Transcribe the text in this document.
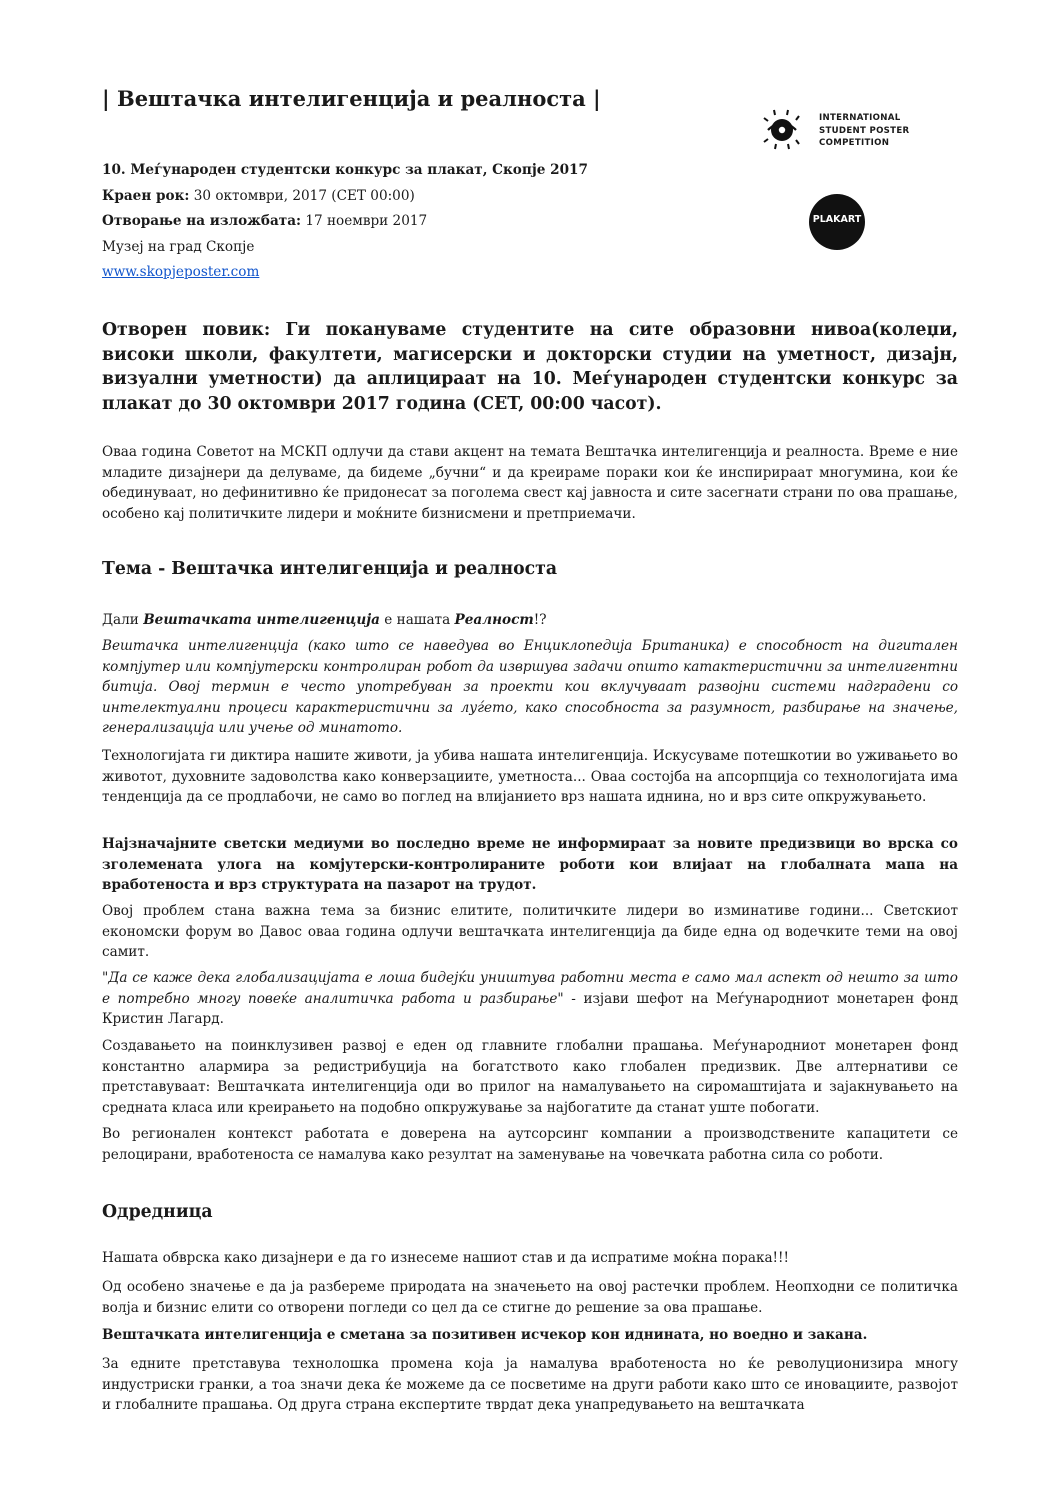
| Вештачка интелигенција и реалноста |
INTERNATIONAL
STUDENT POSTER
COMPETITION
PLAKART
10. Меѓународен студентски конкурс за плакат, Скопје 2017
Краен рок: 30 октомври, 2017 (CET 00:00)
Отворање на изложбата: 17 ноември 2017
Музеј на град Скопје
www.skopjeposter.com

Отворен повик: Ги покануваме студентите на сите образовни нивоа(колеџи, високи школи, факултети, магисерски и докторски студии на уметност, дизајн, визуални уметности) да аплицираат на 10. Меѓународен студентски конкурс за плакат до 30 октомври 2017 година (CET, 00:00 часот).

Оваа година Советот на МСКП одлучи да стави акцент на темата Вештачка интелигенција и реалноста. Време е ние младите дизајнери да делуваме, да бидеме „бучни“ и да креираме пораки кои ќе инспирираат многумина, кои ќе обединуваат, но дефинитивно ќе придонесат за поголема свест кај јавноста и сите засегнати страни по ова прашање, особено кај политичките лидери и моќните бизнисмени и претприемачи.

Тема - Вештачка интелигенција и реалноста

Дали Вештачката интелигенција е нашата Реалност!?

Вештачка интелигенција (како што се наведува во Енциклопедија Британика) е способност на дигитален компјутер или компјутерски контролиран робот да извршува задачи општо катактеристични за интелигентни битија. Овој термин е често употребуван за проекти кои вклучуваат развојни системи надградени со интелектуални процеси карактеристични за луѓето, како способноста за разумност, разбирање на значење, генерализација или учење од минатото.

Технологијата ги диктира нашите животи, ја убива нашата интелигенција. Искусуваме потешкотии во уживањето во животот, духовните задоволства како конверзациите, уметноста... Оваа состојба на апсорпција со технологијата има тенденција да се продлабочи, не само во поглед на влијанието врз нашата иднина, но и врз сите опкружувањето.

Најзначајните светски медиуми во последно време не информираат за новите предизвици во врска со зголемената улога на комјутерски-контролираните роботи кои влијаат на глобалната мапа на вработеноста и врз структурата на пазарот на трудот.

Овој проблем стана важна тема за бизнис елитите, политичките лидери во изминативе години... Светскиот економски форум во Давос оваа година одлучи вештачката интелигенција да биде една од водечките теми на овој самит.

"Да се каже дека глобализацијата е лоша бидејќи уништува работни места е само мал аспект од нешто за што е потребно многу повеќе аналитичка работа и разбирање" - изјави шефот на Меѓународниот монетарен фонд Кристин Лагард.

Создавањето на поинклузивен развој е еден од главните глобални прашања. Меѓународниот монетарен фонд константно алармира за редистрибуција на богатството како глобален предизвик. Две алтернативи се претставуваат: Вештачката интелигенција оди во прилог на намалувањето на сиромаштијата и зајакнувањето на средната класа или креирањето на подобно опкружување за најбогатите да станат уште побогати.

Во регионален контекст работата е доверена на аутсорсинг компании а производствените капацитети се релоцирани, вработеноста се намалува како резултат на заменување на човечката работна сила со роботи.

Одредница

Нашата обврска како дизајнери е да го изнесеме нашиот став и да испратиме моќна порака!!!

Од особено значење е да ја разбереме природата на значењето на овој растечки проблем. Неопходни се политичка волја и бизнис елити со отворени погледи со цел да се стигне до решение за ова прашање.

Вештачката интелигенција е сметана за позитивен исчекор кон иднината, но воедно и закана.

За едните претставува технолошка промена која ја намалува вработеноста но ќе револуционизира многу индустриски гранки, а тоа значи дека ќе можеме да се посветиме на други работи како што се иновациите, развојот и глобалните прашања. Од друга страна експертите тврдат дека унапредувањето на вештачката
